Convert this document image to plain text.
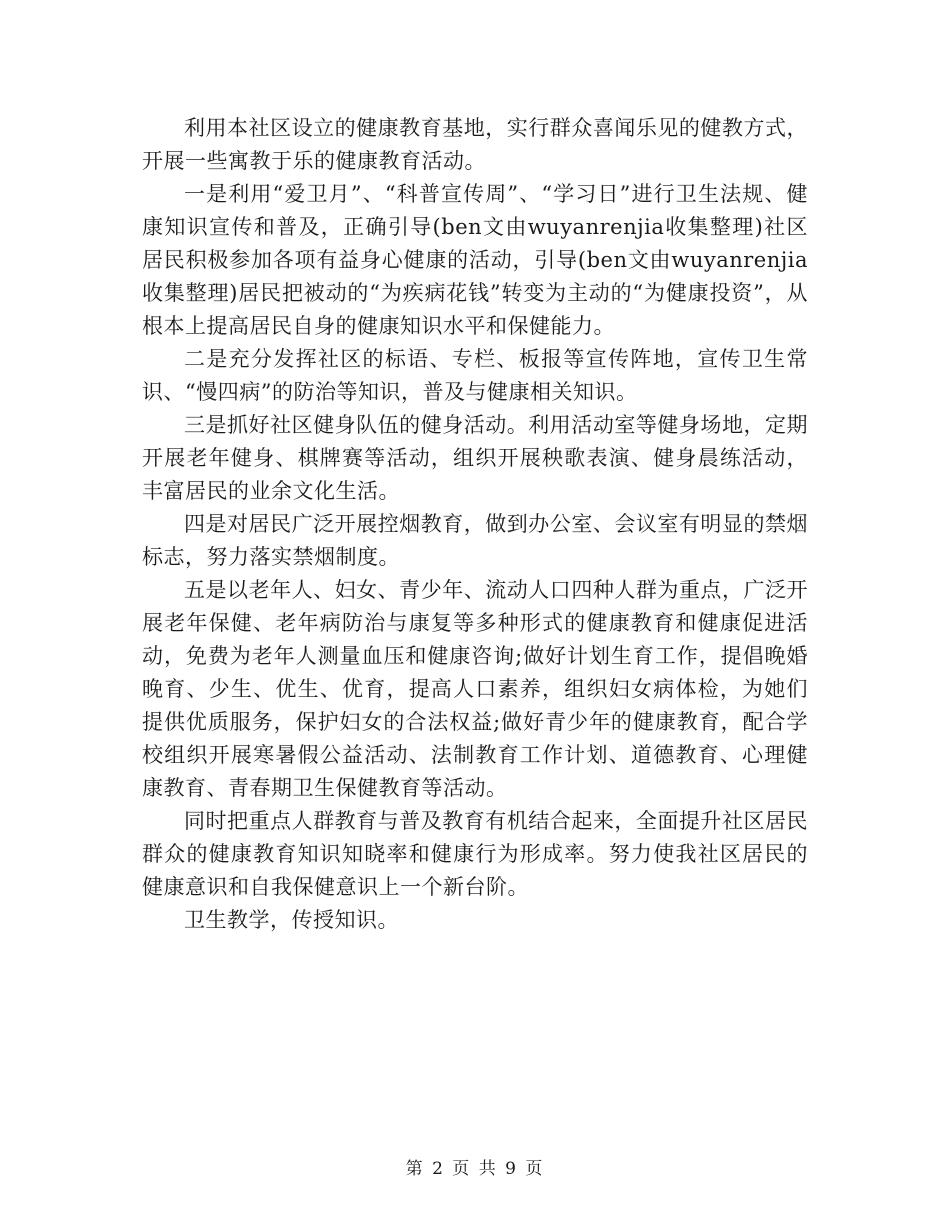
利用本社区设立的健康教育基地，实行群众喜闻乐见的健教方式，开展一些寓教于乐的健康教育活动。

一是利用“爱卫月”、“科普宣传周”、“学习日”进行卫生法规、健康知识宣传和普及，正确引导(ben文由wuyanrenjia收集整理)社区居民积极参加各项有益身心健康的活动，引导(ben文由wuyanrenjia收集整理)居民把被动的“为疾病花钱”转变为主动的“为健康投资”，从根本上提高居民自身的健康知识水平和保健能力。

二是充分发挥社区的标语、专栏、板报等宣传阵地，宣传卫生常识、“慢四病”的防治等知识，普及与健康相关知识。

三是抓好社区健身队伍的健身活动。利用活动室等健身场地，定期开展老年健身、棋牌赛等活动，组织开展秧歌表演、健身晨练活动，丰富居民的业余文化生活。

四是对居民广泛开展控烟教育，做到办公室、会议室有明显的禁烟标志，努力落实禁烟制度。

五是以老年人、妇女、青少年、流动人口四种人群为重点，广泛开展老年保健、老年病防治与康复等多种形式的健康教育和健康促进活动，免费为老年人测量血压和健康咨询;做好计划生育工作，提倡晚婚晚育、少生、优生、优育，提高人口素养，组织妇女病体检，为她们提供优质服务，保护妇女的合法权益;做好青少年的健康教育，配合学校组织开展寒暑假公益活动、法制教育工作计划、道德教育、心理健康教育、青春期卫生保健教育等活动。

同时把重点人群教育与普及教育有机结合起来，全面提升社区居民群众的健康教育知识知晓率和健康行为形成率。努力使我社区居民的健康意识和自我保健意识上一个新台阶。

卫生教学，传授知识。

第 2 页 共 9 页
